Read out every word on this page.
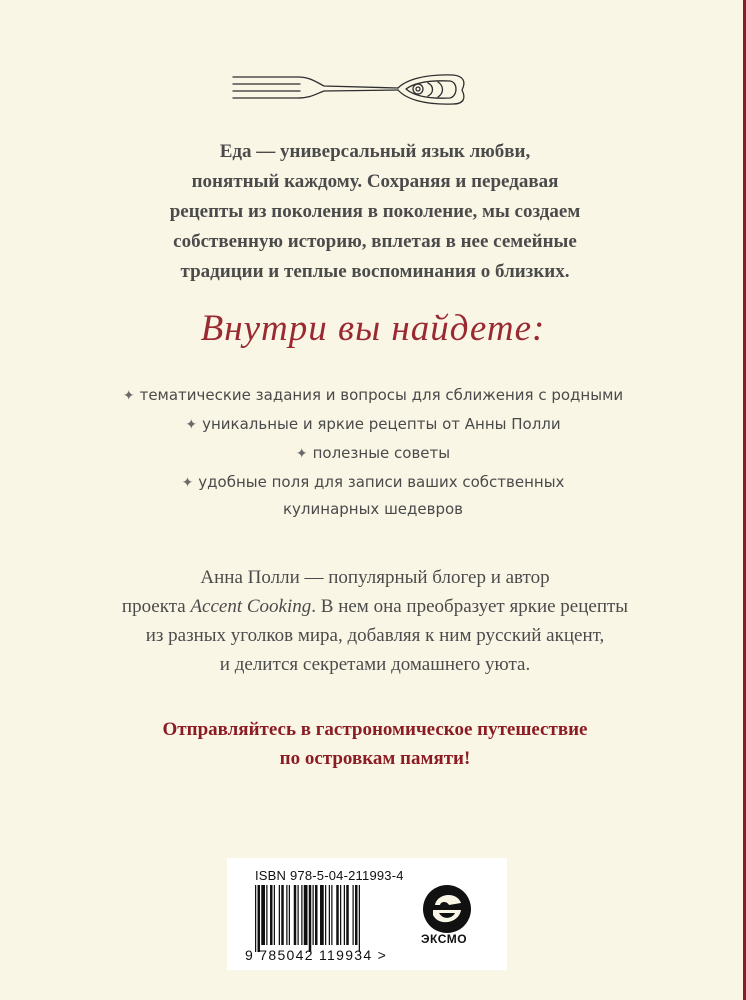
Еда — универсальный язык любви,
понятный каждому. Сохраняя и передавая
рецепты из поколения в поколение, мы создаем
собственную историю, вплетая в нее семейные
традиции и теплые воспоминания о близких.
Внутри вы найдете:
✦ тематические задания и вопросы для сближения с родными
✦ уникальные и яркие рецепты от Анны Полли
✦ полезные советы
✦ удобные поля для записи ваших собственных
кулинарных шедевров
Анна Полли — популярный блогер и автор
проекта Accent Cooking. В нем она преобразует яркие рецепты
из разных уголков мира, добавляя к ним русский акцент,
и делится секретами домашнего уюта.
Отправляйтесь в гастрономическое путешествие
по островкам памяти!
ISBN 978-5-04-211993-4
9 785042 119934 >
ЭКСМО
